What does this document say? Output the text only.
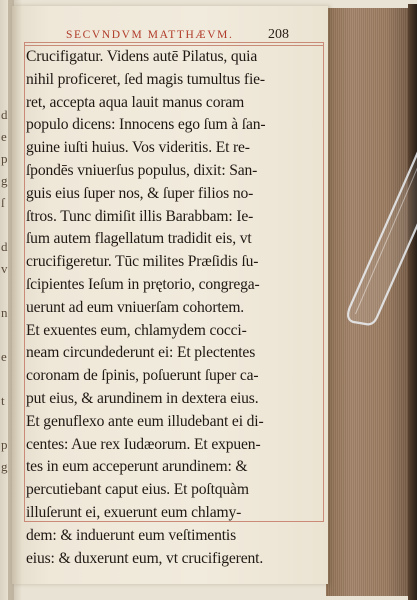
d
e
p
g
ſ
d
v
n
e
t
p
g
SECVNDVM MATTHÆVM.	208
Crucifigatur. Videns autē Pilatus, quia
nihil proficeret, ſed magis tumultus fie-
ret, accepta aqua lauit manus coram
populo dicens: Innocens ego ſum à ſan-
guine iuſti huius. Vos videritis. Et re-
ſpondēs vniuerſus populus, dixit: San-
guis eius ſuper nos, & ſuper filios no-
ſtros. Tunc dimiſit illis Barabbam: Ie-
ſum autem flagellatum tradidit eis, vt
crucifigeretur. Tūc milites Præſidis ſu-
ſcipientes Ieſum in prętorio, congrega-
uerunt ad eum vniuerſam cohortem.
Et exuentes eum, chlamydem cocci-
neam circundederunt ei: Et plectentes
coronam de ſpinis, poſuerunt ſuper ca-
put eius, & arundinem in dextera eius.
Et genuflexo ante eum illudebant ei di-
centes: Aue rex Iudæorum. Et expuen-
tes in eum acceperunt arundinem: &
percutiebant caput eius. Et poſtquàm
illuſerunt ei, exuerunt eum chlamy-
dem: & induerunt eum veſtimentis
eius: & duxerunt eum, vt crucifigerent.
